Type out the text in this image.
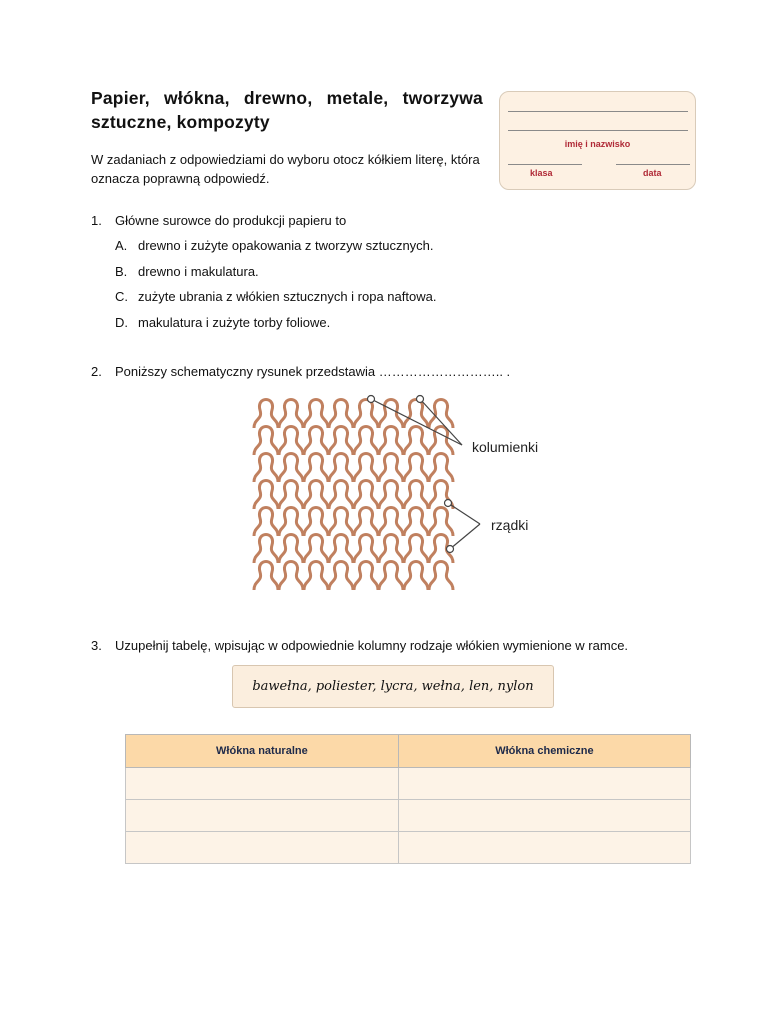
Papier, włókna, drewno, metale, tworzywa sztuczne, kompozyty
W zadaniach z odpowiedziami do wyboru otocz kółkiem literę, która oznacza poprawną odpowiedź.
imię i nazwisko
klasa	data
1. Główne surowce do produkcji papieru to
A. drewno i zużyte opakowania z tworzyw sztucznych.
B. drewno i makulatura.
C. zużyte ubrania z włókien sztucznych i ropa naftowa.
D. makulatura i zużyte torby foliowe.
2. Poniższy schematyczny rysunek przedstawia ……………………….. .
kolumienki
rządki
3. Uzupełnij tabelę, wpisując w odpowiednie kolumny rodzaje włókien wymienione w ramce.
bawełna, poliester, lycra, wełna, len, nylon
Włókna naturalne	Włókna chemiczne
